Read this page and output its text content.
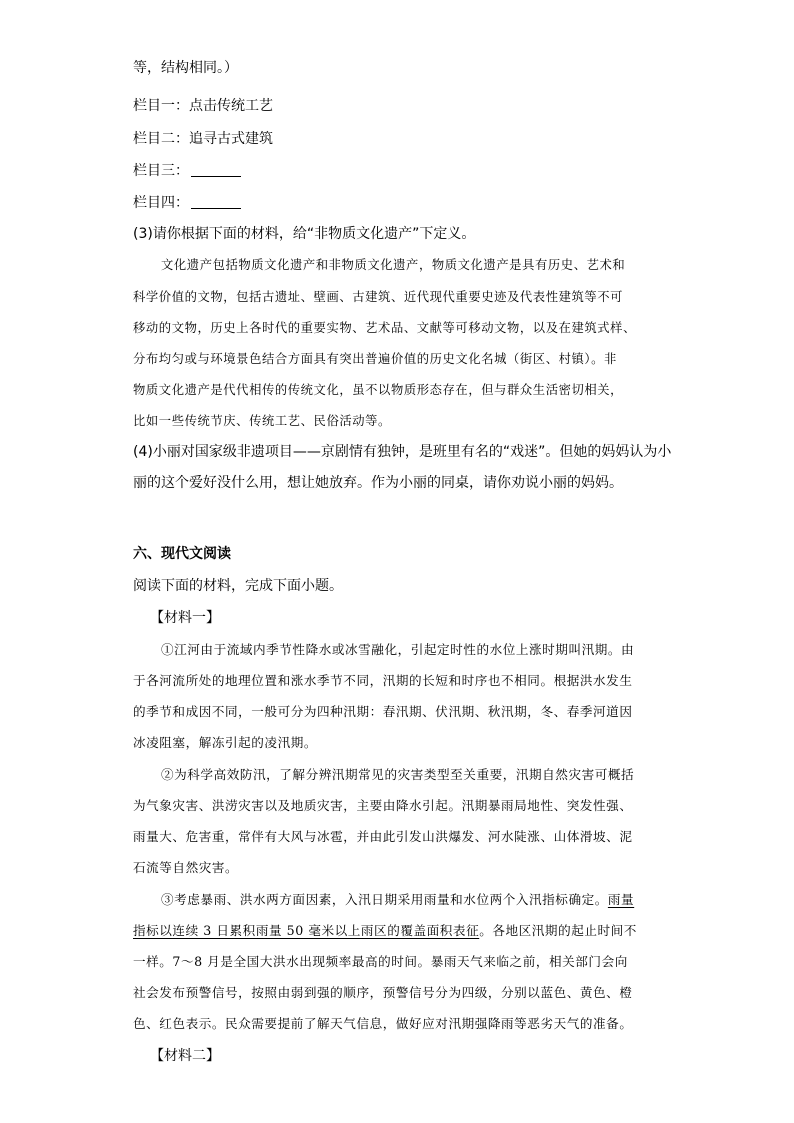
等，结构相同。）
栏目一：点击传统工艺
栏目二：追寻古式建筑
栏目三：
栏目四：
(3)请你根据下面的材料，给“非物质文化遗产”下定义。
文化遗产包括物质文化遗产和非物质文化遗产，物质文化遗产是具有历史、艺术和
科学价值的文物，包括古遗址、壁画、古建筑、近代现代重要史迹及代表性建筑等不可
移动的文物，历史上各时代的重要实物、艺术品、文献等可移动文物，以及在建筑式样、
分布均匀或与环境景色结合方面具有突出普遍价值的历史文化名城（街区、村镇）。非
物质文化遗产是代代相传的传统文化，虽不以物质形态存在，但与群众生活密切相关，
比如一些传统节庆、传统工艺、民俗活动等。
(4)小丽对国家级非遗项目——京剧情有独钟，是班里有名的“戏迷”。但她的妈妈认为小
丽的这个爱好没什么用，想让她放弃。作为小丽的同桌，请你劝说小丽的妈妈。
六、现代文阅读
阅读下面的材料，完成下面小题。
【材料一】
①江河由于流域内季节性降水或冰雪融化，引起定时性的水位上涨时期叫汛期。由
于各河流所处的地理位置和涨水季节不同，汛期的长短和时序也不相同。根据洪水发生
的季节和成因不同，一般可分为四种汛期：春汛期、伏汛期、秋汛期，冬、春季河道因
冰凌阻塞，解冻引起的凌汛期。
②为科学高效防汛，了解分辨汛期常见的灾害类型至关重要，汛期自然灾害可概括
为气象灾害、洪涝灾害以及地质灾害，主要由降水引起。汛期暴雨局地性、突发性强、
雨量大、危害重，常伴有大风与冰雹，并由此引发山洪爆发、河水陡涨、山体滑坡、泥
石流等自然灾害。
③考虑暴雨、洪水两方面因素，入汛日期采用雨量和水位两个入汛指标确定。雨量
指标以连续 3 日累积雨量 50 毫米以上雨区的覆盖面积表征。各地区汛期的起止时间不
一样。7～8 月是全国大洪水出现频率最高的时间。暴雨天气来临之前，相关部门会向
社会发布预警信号，按照由弱到强的顺序，预警信号分为四级，分别以蓝色、黄色、橙
色、红色表示。民众需要提前了解天气信息，做好应对汛期强降雨等恶劣天气的准备。
【材料二】
